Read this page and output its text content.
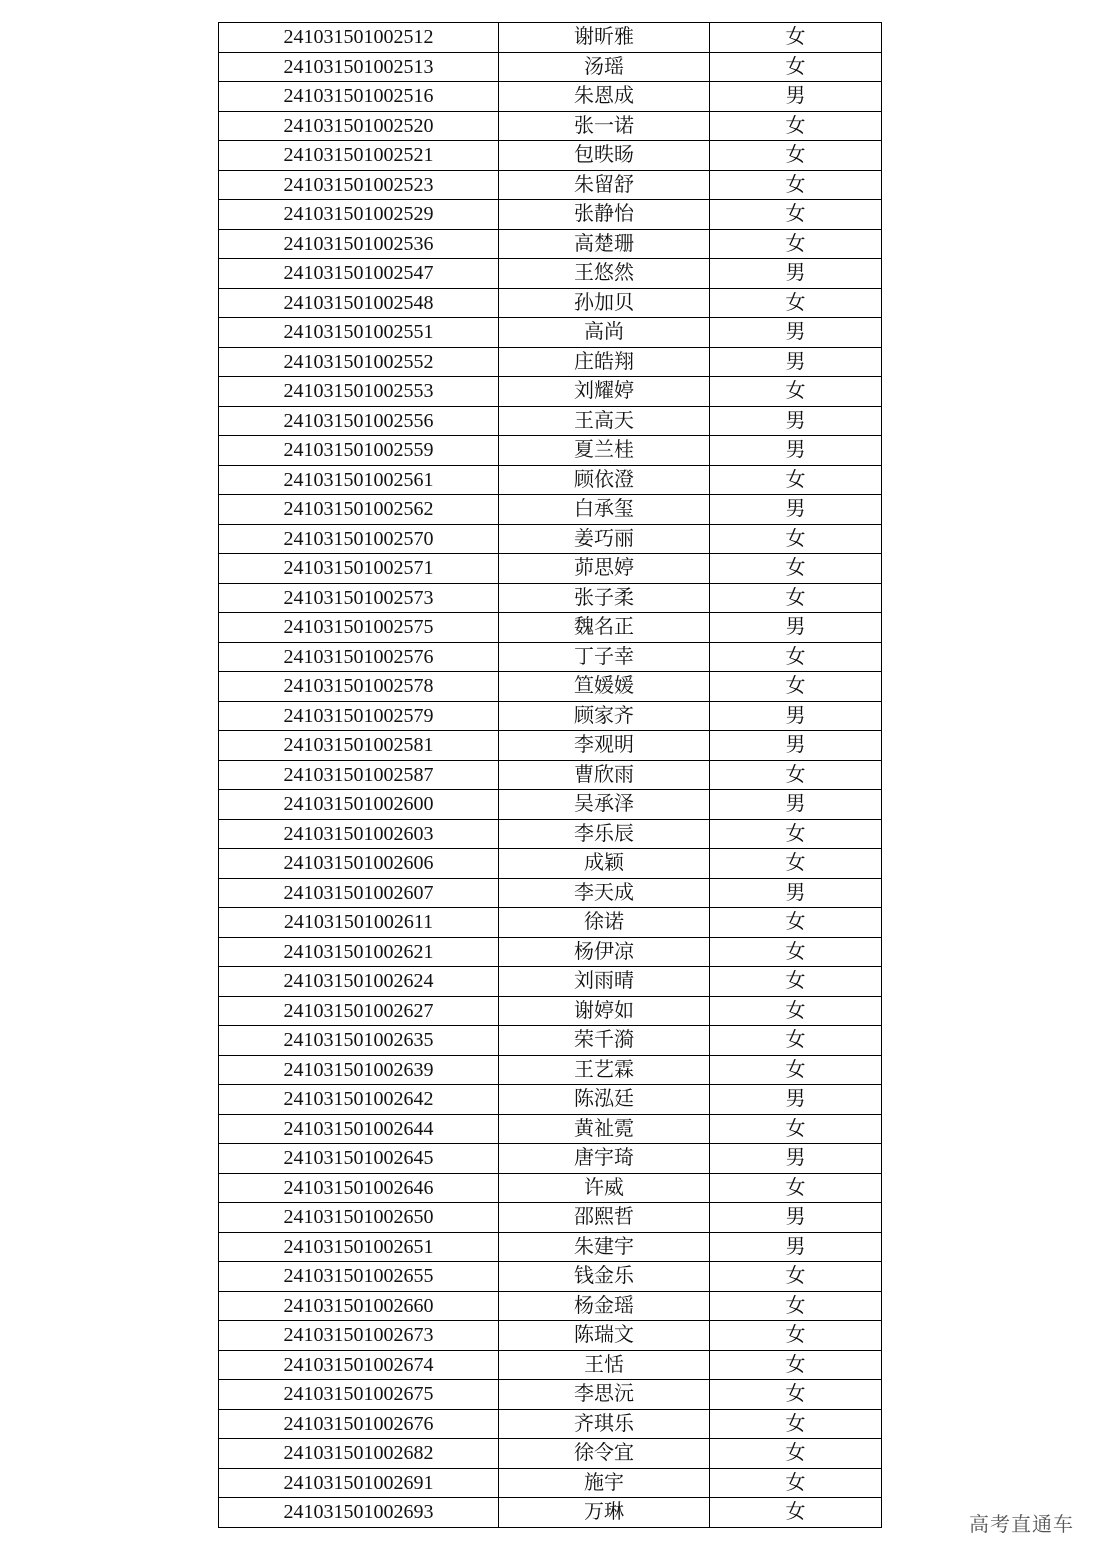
241031501002512	谢昕雅	女
241031501002513	汤瑶	女
241031501002516	朱恩成	男
241031501002520	张一诺	女
241031501002521	包昳旸	女
241031501002523	朱留舒	女
241031501002529	张静怡	女
241031501002536	高楚珊	女
241031501002547	王悠然	男
241031501002548	孙加贝	女
241031501002551	高尚	男
241031501002552	庄皓翔	男
241031501002553	刘耀婷	女
241031501002556	王高天	男
241031501002559	夏兰桂	男
241031501002561	顾依澄	女
241031501002562	白承玺	男
241031501002570	姜巧丽	女
241031501002571	茆思婷	女
241031501002573	张子柔	女
241031501002575	魏名正	男
241031501002576	丁子幸	女
241031501002578	笪媛媛	女
241031501002579	顾家齐	男
241031501002581	李观明	男
241031501002587	曹欣雨	女
241031501002600	吴承泽	男
241031501002603	李乐辰	女
241031501002606	成颖	女
241031501002607	李天成	男
241031501002611	徐诺	女
241031501002621	杨伊凉	女
241031501002624	刘雨晴	女
241031501002627	谢婷如	女
241031501002635	荣千漪	女
241031501002639	王艺霖	女
241031501002642	陈泓廷	男
241031501002644	黄祉霓	女
241031501002645	唐宇琦	男
241031501002646	许威	女
241031501002650	邵熙哲	男
241031501002651	朱建宇	男
241031501002655	钱金乐	女
241031501002660	杨金瑶	女
241031501002673	陈瑞文	女
241031501002674	王恬	女
241031501002675	李思沅	女
241031501002676	齐琪乐	女
241031501002682	徐令宜	女
241031501002691	施宇	女
241031501002693	万琳	女	高考直通车
